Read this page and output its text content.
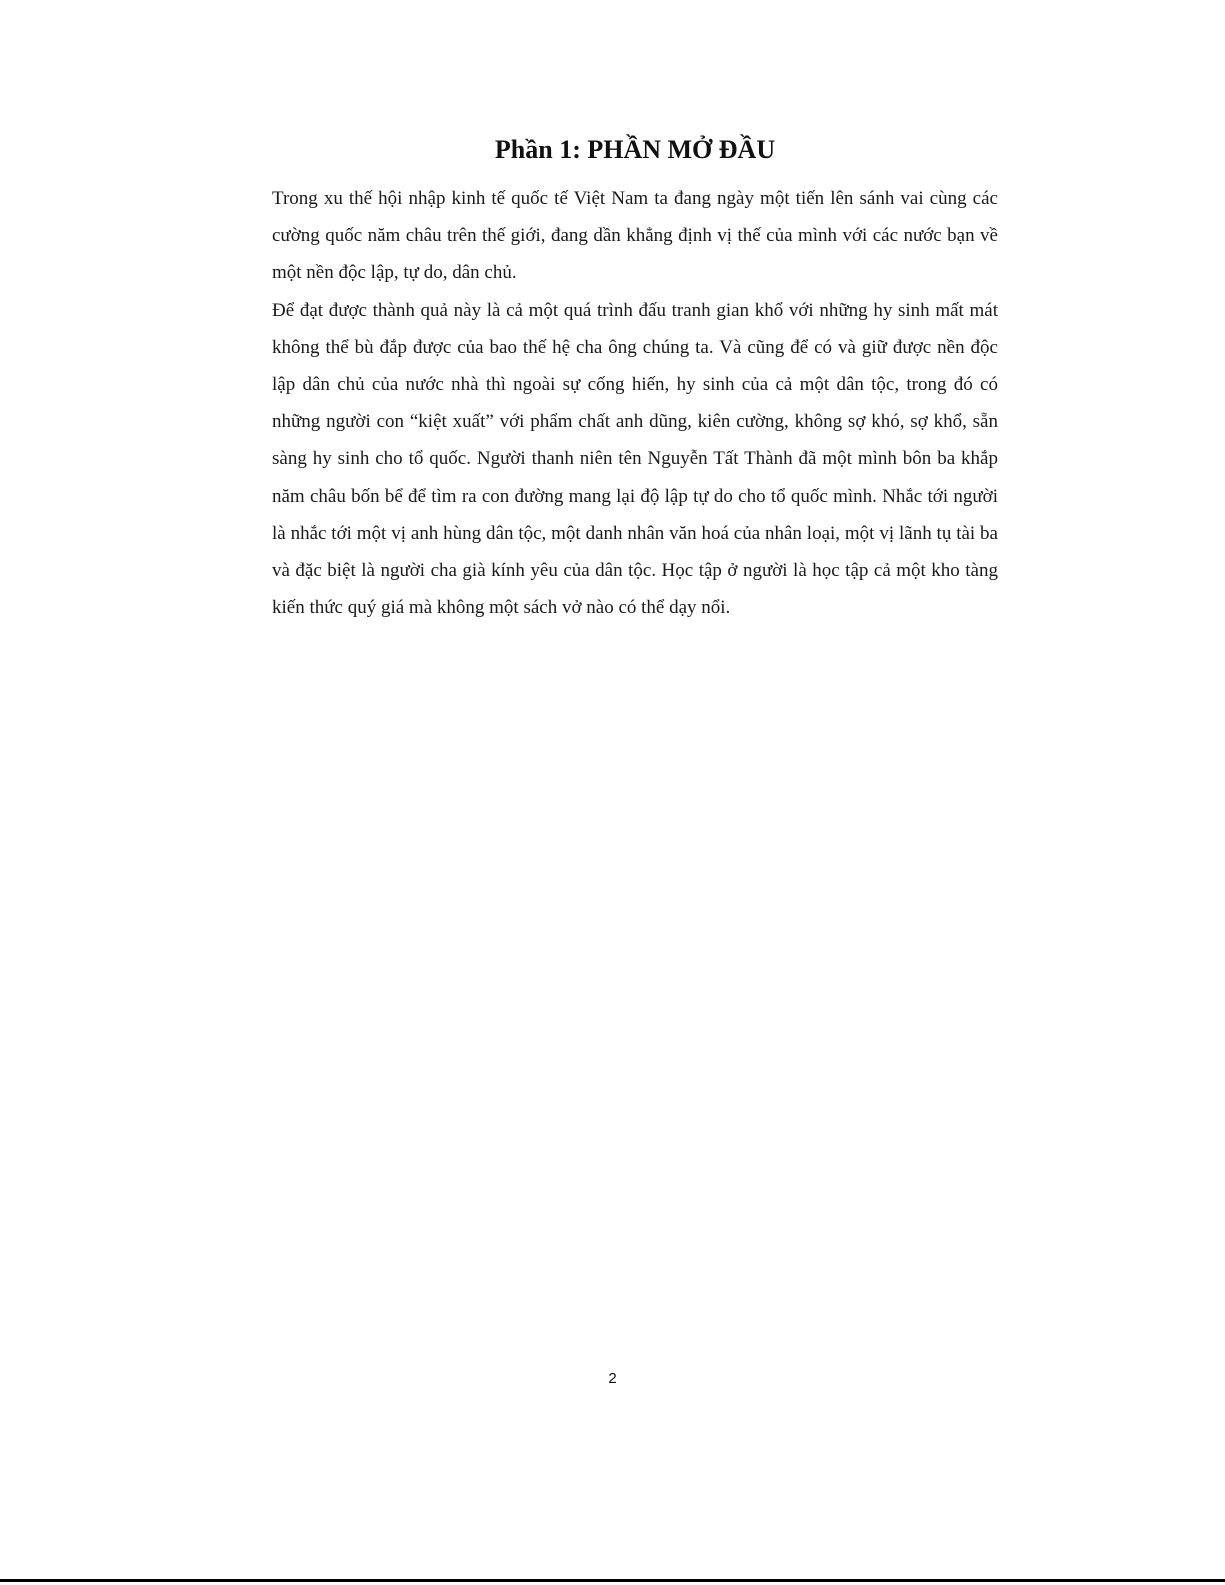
Phần 1: PHẦN MỞ ĐẦU

Trong xu thế hội nhập kinh tế quốc tế Việt Nam ta đang ngày một tiến lên sánh vai cùng các cường quốc năm châu trên thế giới, đang dần khẳng định vị thế của mình với các nước bạn về một nền độc lập, tự do, dân chủ.

Để đạt được thành quả này là cả một quá trình đấu tranh gian khổ với những hy sinh mất mát không thể bù đắp được của bao thế hệ cha ông chúng ta. Và cũng để có và giữ được nền độc lập dân chủ của nước nhà thì ngoài sự cống hiến, hy sinh của cả một dân tộc, trong đó có những người con “kiệt xuất” với phẩm chất anh dũng, kiên cường, không sợ khó, sợ khổ, sẵn sàng hy sinh cho tổ quốc. Người thanh niên tên Nguyễn Tất Thành đã một mình bôn ba khắp năm châu bốn bể để tìm ra con đường mang lại độ lập tự do cho tổ quốc mình. Nhắc tới người là nhắc tới một vị anh hùng dân tộc, một danh nhân văn hoá của nhân loại, một vị lãnh tụ tài ba và đặc biệt là người cha già kính yêu của dân tộc. Học tập ở người là học tập cả một kho tàng kiến thức quý giá mà không một sách vở nào có thể dạy nổi.

2
